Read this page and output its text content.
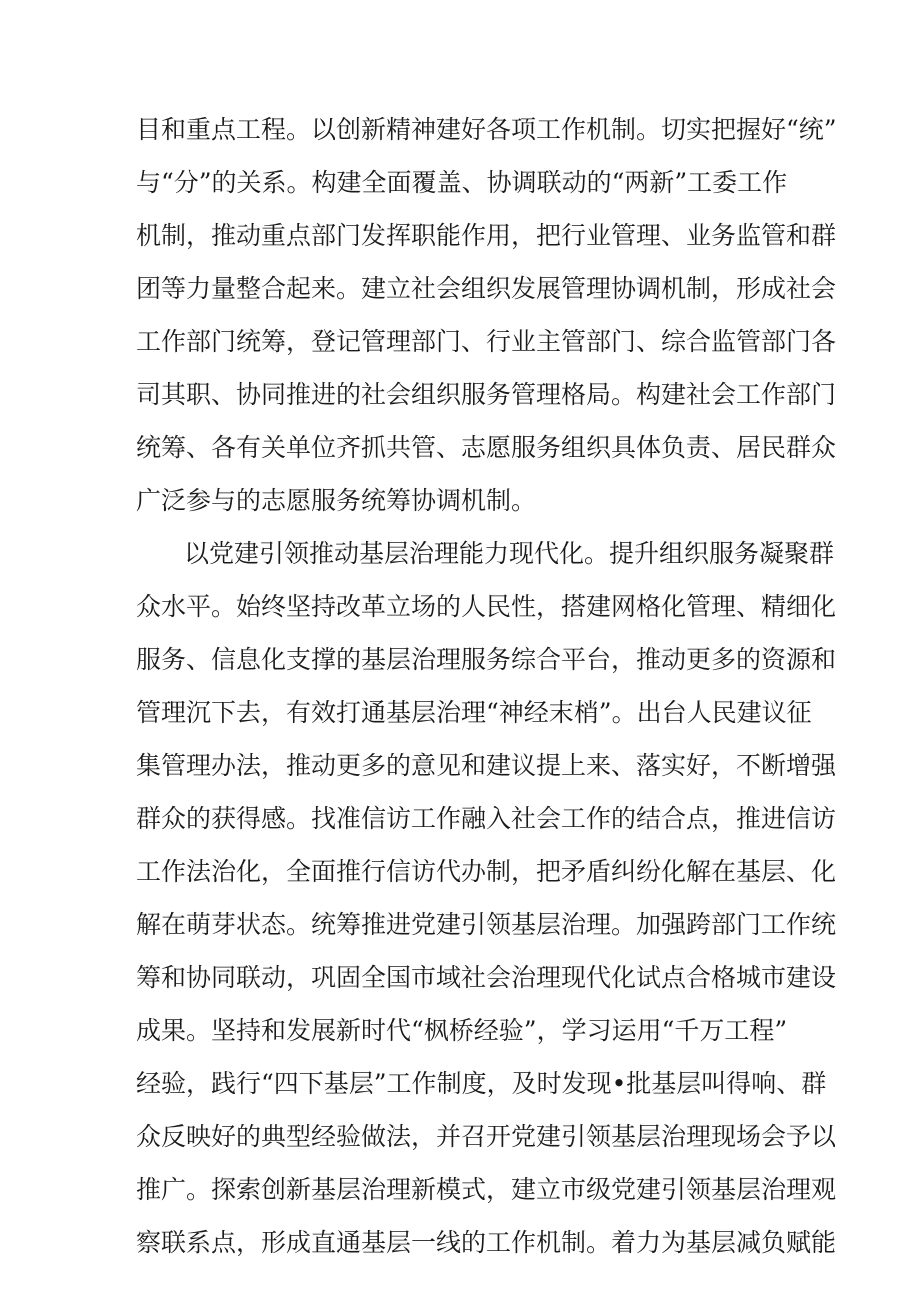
目和重点工程。以创新精神建好各项工作机制。切实把握好“统”
与“分”的关系。构建全面覆盖、协调联动的“两新”工委工作
机制，推动重点部门发挥职能作用，把行业管理、业务监管和群
团等力量整合起来。建立社会组织发展管理协调机制，形成社会
工作部门统筹，登记管理部门、行业主管部门、综合监管部门各
司其职、协同推进的社会组织服务管理格局。构建社会工作部门
统筹、各有关单位齐抓共管、志愿服务组织具体负责、居民群众
广泛参与的志愿服务统筹协调机制。
以党建引领推动基层治理能力现代化。提升组织服务凝聚群
众水平。始终坚持改革立场的人民性，搭建网格化管理、精细化
服务、信息化支撑的基层治理服务综合平台，推动更多的资源和
管理沉下去，有效打通基层治理“神经末梢”。出台人民建议征
集管理办法，推动更多的意见和建议提上来、落实好，不断增强
群众的获得感。找准信访工作融入社会工作的结合点，推进信访
工作法治化，全面推行信访代办制，把矛盾纠纷化解在基层、化
解在萌芽状态。统筹推进党建引领基层治理。加强跨部门工作统
筹和协同联动，巩固全国市域社会治理现代化试点合格城市建设
成果。坚持和发展新时代“枫桥经验”，学习运用“千万工程”
经验，践行“四下基层”工作制度，及时发现•批基层叫得响、群
众反映好的典型经验做法，并召开党建引领基层治理现场会予以
推广。探索创新基层治理新模式，建立市级党建引领基层治理观
察联系点，形成直通基层一线的工作机制。着力为基层减负赋能
